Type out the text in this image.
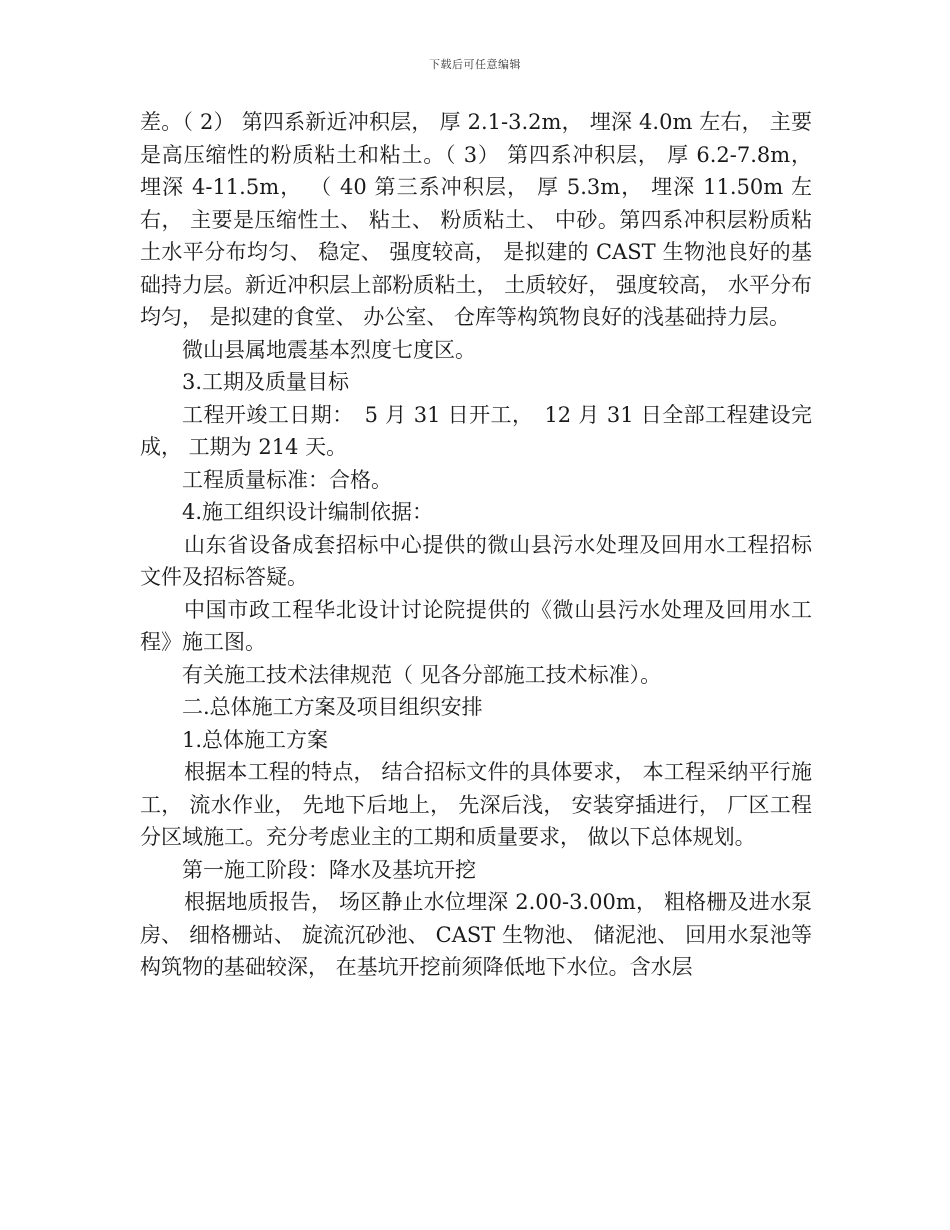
下载后可任意编辑

差。（ 2） 第四系新近冲积层， 厚 2.1-3.2m， 埋深 4.0m 左右， 主要是高压缩性的粉质粘土和粘土。（ 3） 第四系冲积层， 厚 6.2-7.8m， 埋深 4-11.5m， （ 40 第三系冲积层， 厚 5.3m， 埋深 11.50m 左右， 主要是压缩性土、 粘土、 粉质粘土、 中砂。第四系冲积层粉质粘土水平分布均匀、 稳定、 强度较高， 是拟建的 CAST 生物池良好的基础持力层。新近冲积层上部粉质粘土， 土质较好， 强度较高， 水平分布均匀， 是拟建的食堂、 办公室、 仓库等构筑物良好的浅基础持力层。

微山县属地震基本烈度七度区。

3.工期及质量目标

工程开竣工日期：　5 月 31 日开工，　12 月 31 日全部工程建设完成， 工期为 214 天。

工程质量标准：合格。

4.施工组织设计编制依据：

山东省设备成套招标中心提供的微山县污水处理及回用水工程招标文件及招标答疑。

中国市政工程华北设计讨论院提供的《微山县污水处理及回用水工程》施工图。

有关施工技术法律规范（ 见各分部施工技术标准）。

二.总体施工方案及项目组织安排

1.总体施工方案

根据本工程的特点， 结合招标文件的具体要求， 本工程采纳平行施工， 流水作业， 先地下后地上， 先深后浅， 安装穿插进行， 厂区工程分区域施工。充分考虑业主的工期和质量要求， 做以下总体规划。

第一施工阶段：降水及基坑开挖

根据地质报告， 场区静止水位埋深 2.00-3.00m， 粗格栅及进水泵房、 细格栅站、 旋流沉砂池、 CAST 生物池、 储泥池、 回用水泵池等构筑物的基础较深， 在基坑开挖前须降低地下水位。含水层
